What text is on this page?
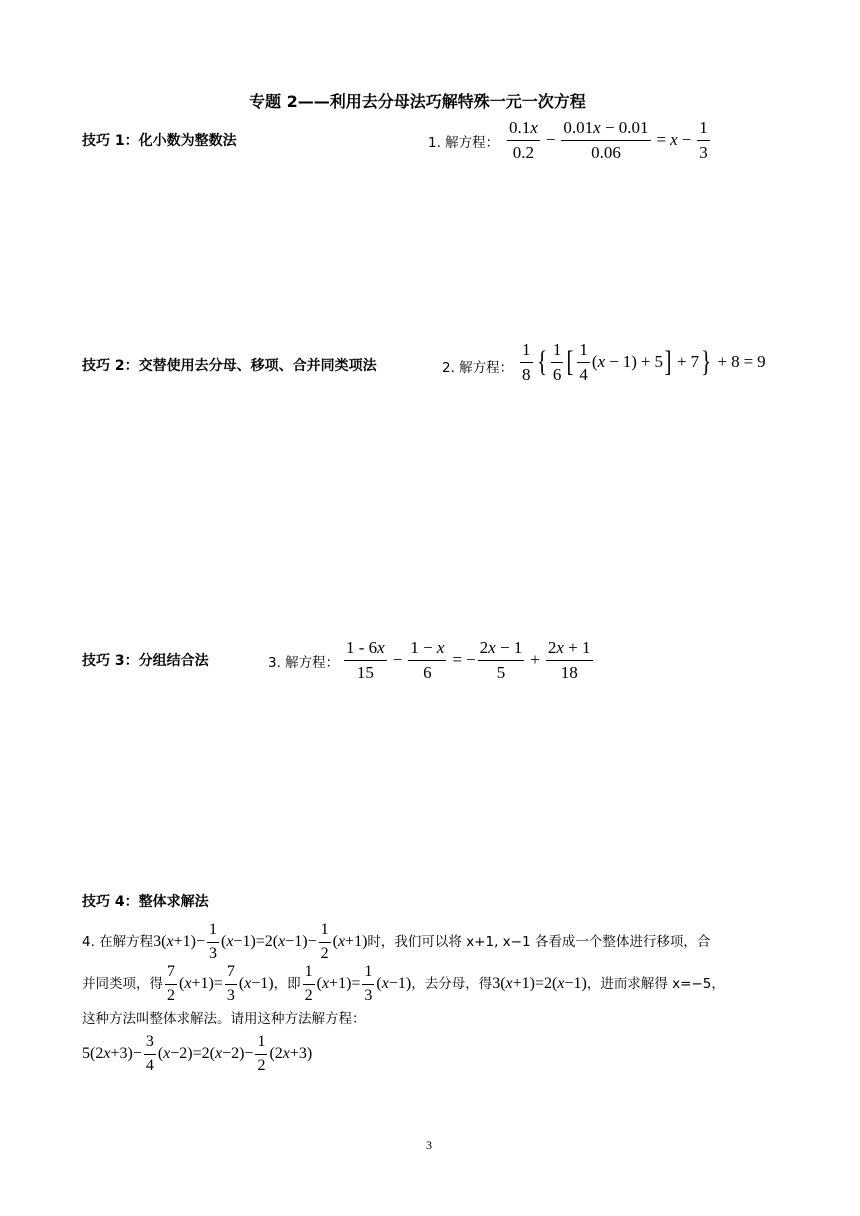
专题 2——利用去分母法巧解特殊一元一次方程
技巧 1：化小数为整数法	1. 解方程： $\frac{0.1x}{0.2} - \frac{0.01x - 0.01}{0.06} = x - \frac{1}{3}$
技巧 2：交替使用去分母、移项、合并同类项法	2. 解方程： $\frac{1}{8}$ { $\frac{1}{6}$ [ $\frac{1}{4}$ ( x − 1) + 5 ] + 7 } + 8 = 9
技巧 3：分组结合法	3. 解方程： $\frac{1 - 6x}{15} - \frac{1 - x}{6}$ = − $\frac{2x - 1}{5} + \frac{2x + 1}{18}$
技巧 4：整体求解法
4. 在解方程 3( $x +1)- \frac{1}{3}$ ( x −1)=2( $x -1)- \frac{1}{2}$ ( x +1) 时，我们可以将 x+1, x−1 各看成一个整体进行移项，合
并同类项，得 $\frac{7}{2}$ ( $x +1)= \frac{7}{3}$ ( x −1) ，即 $\frac{1}{2}$ ( $x +1)= \frac{1}{3}$ ( x −1) ，去分母，得 3( x +1)=2( x −1) ，进而求解得 x=−5，
这种方法叫整体求解法。请用这种方法解方程：
5(2 $x +3)- \frac{3}{4}$ ( x −2)=2( $x -2)- \frac{1}{2} (2$ x +3)
3
